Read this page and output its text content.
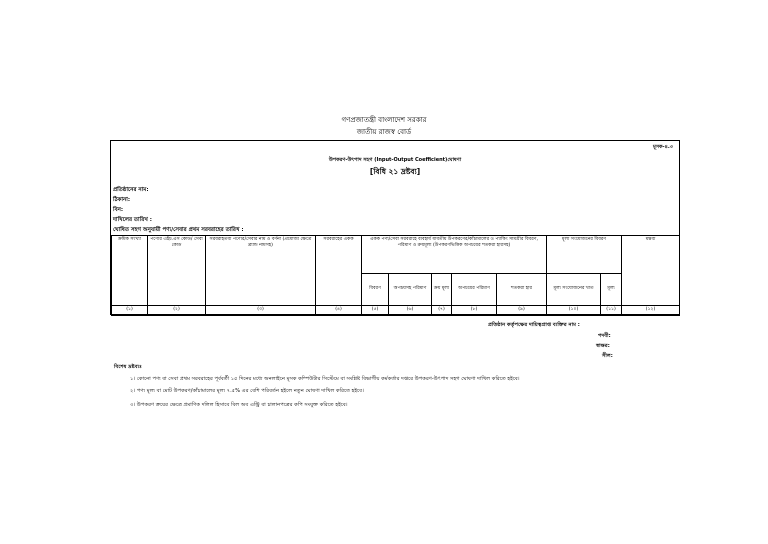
গণপ্রজাতন্ত্রী বাংলাদেশ সরকার
জাতীয় রাজস্ব বোর্ড
মূসক-৪.৩
উপকরণ-উৎপাদ সহগ (Input-Output Coefficient)ঘোষণা
[বিধি ২১ দ্রষ্টব্য]
প্রতিষ্ঠানের নাম:
ঠিকানা:
বিন:
দাখিলের তারিখ :
ঘোষিত সহগ অনুযায়ী পণ্য/সেবার প্রথম সরবরাহের তারিখ :
ক্রমিক সংখ্যা	পণ্যের এইচ.এস কোড/ সেবা কোড	সরবরাহতব্য পণ্যের/সেবার নাম ও বর্ণনা (প্রযোজ্য ক্ষেত্রে ব্র্যান্ড নামসহ)	সরবরাহের একক	একক পণ্য/সেবা সরবরাহে ব্যবহার্য যাবতীয় উপকরণের/কাঁচামালের ও প্যাকিং সামগ্রীর বিবরণ, পরিমাণ ও ক্রয়মূল্য (উপকরণভিত্তিক অপচয়ের শতকরা হারসহ)					মূল্য সংযোজনের বিবরণ		মন্তব্য
				বিবরণ	অপচয়সহ পরিমাণ	ক্রয় মূল্য	অপচয়ের পরিমাণ	শতকরা হার	মূল্য সংযোজনের খাত	মূল্য	
(১)	(২)	(৩)	(৪)	(৫)	(৬)	(৭)	(৮)	(৯)	(১০)	(১১)	(১২)
প্রতিষ্ঠান কর্তৃপক্ষের দায়িত্বপ্রাপ্ত ব্যক্তির নাম :
পদবী:
স্বাক্ষর:
সীল:
বিশেষ দ্রষ্টব্যঃ
১। কোনো পণ্য বা সেবা প্রথম সরবরাহের পূর্ববর্তী ১৫ দিনের মধ্যে অনলাইনে মূসক কম্পিউটার সিস্টেমে বা সংশ্লিষ্ট বিভাগীয় কর্মকর্তার দপ্তরে উপকরণ-উৎপাদ সহগ ঘোষণা দাখিল করিতে হইবে।
২। পণ্য মূল্য বা মোট উপকরণ/কাঁচামালের মূল্য ৭.৫% এর বেশি পরিবর্তন হইলে নতুন ঘোষণা দাখিল করিতে হইবে।
৩। উপকরণ ক্রয়ের ক্ষেত্রে প্রমাণিক দলিল হিসাবে বিল অব এন্ট্রি বা চালানপত্রের কপি সংযুক্ত করিতে হইবে।
